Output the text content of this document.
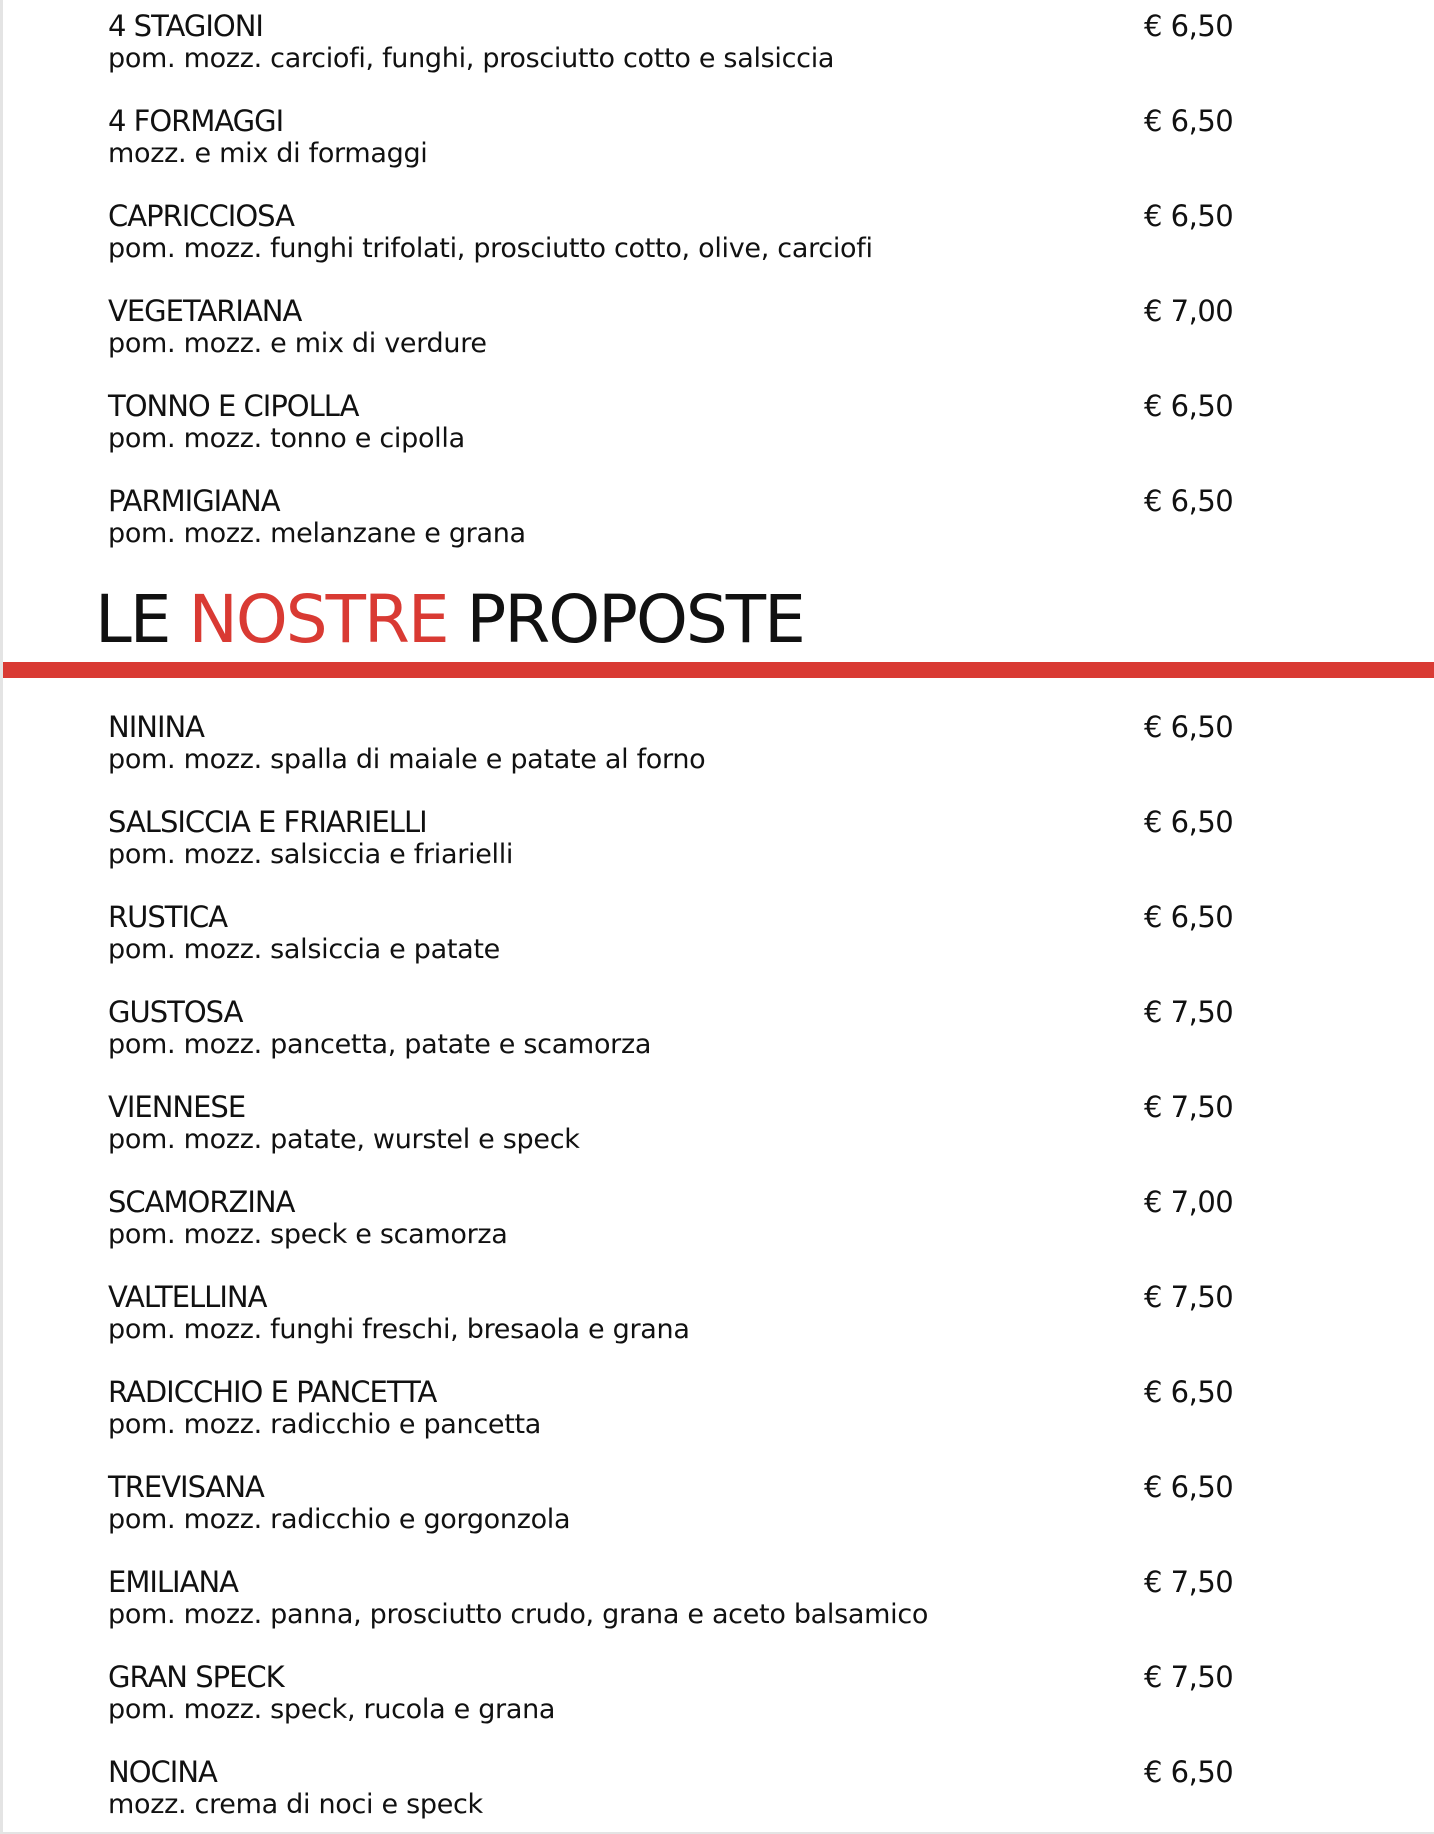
4 STAGIONI
pom. mozz. carciofi, funghi, prosciutto cotto e salsiccia
€ 6,50
4 FORMAGGI
mozz. e mix di formaggi
€ 6,50
CAPRICCIOSA
pom. mozz. funghi trifolati, prosciutto cotto, olive, carciofi
€ 6,50
VEGETARIANA
pom. mozz. e mix di verdure
€ 7,00
TONNO E CIPOLLA
pom. mozz. tonno e cipolla
€ 6,50
PARMIGIANA
pom. mozz. melanzane e grana
€ 6,50
LE NOSTRE PROPOSTE
NININA
pom. mozz. spalla di maiale e patate al forno
€ 6,50
SALSICCIA E FRIARIELLI
pom. mozz. salsiccia e friarielli
€ 6,50
RUSTICA
pom. mozz. salsiccia e patate
€ 6,50
GUSTOSA
pom. mozz. pancetta, patate e scamorza
€ 7,50
VIENNESE
pom. mozz. patate, wurstel e speck
€ 7,50
SCAMORZINA
pom. mozz. speck e scamorza
€ 7,00
VALTELLINA
pom. mozz. funghi freschi, bresaola e grana
€ 7,50
RADICCHIO E PANCETTA
pom. mozz. radicchio e pancetta
€ 6,50
TREVISANA
pom. mozz. radicchio e gorgonzola
€ 6,50
EMILIANA
pom. mozz. panna, prosciutto crudo, grana e aceto balsamico
€ 7,50
GRAN SPECK
pom. mozz. speck, rucola e grana
€ 7,50
NOCINA
mozz. crema di noci e speck
€ 6,50
